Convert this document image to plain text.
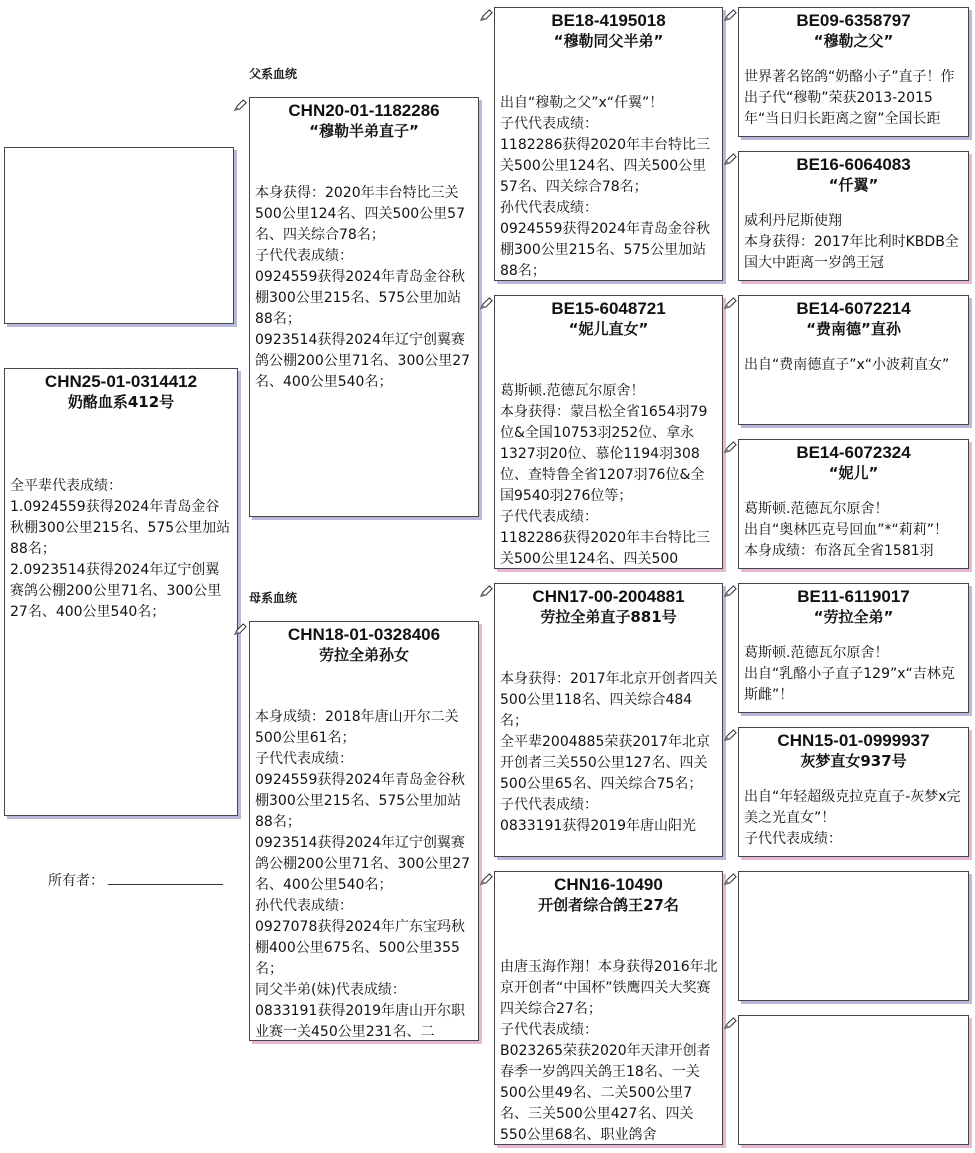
父系血统
母系血统
CHN25-01-0314412
奶酪血系412号
全平辈代表成绩：
1.0924559获得2024年青岛金谷秋棚300公里215名、575公里加站88名；
2.0923514获得2024年辽宁创翼赛鸽公棚200公里71名、300公里27名、400公里540名；
所有者：
CHN20-01-1182286
“穆勒半弟直子”
本身获得：2020年丰台特比三关500公里124名、四关500公里57名、四关综合78名；
子代代表成绩：
0924559获得2024年青岛金谷秋棚300公里215名、575公里加站88名；
0923514获得2024年辽宁创翼赛鸽公棚200公里71名、300公里27名、400公里540名；
CHN18-01-0328406
劳拉全弟孙女
本身成绩：2018年唐山开尔二关500公里61名；
子代代表成绩：
0924559获得2024年青岛金谷秋棚300公里215名、575公里加站88名；
0923514获得2024年辽宁创翼赛鸽公棚200公里71名、300公里27名、400公里540名；
孙代代表成绩：
0927078获得2024年广东宝玛秋棚400公里675名、500公里355名；
同父半弟(妹)代表成绩：
0833191获得2019年唐山开尔职业赛一关450公里231名、二
BE18-4195018
“穆勒同父半弟”
出自“穆勒之父”x“仟翼”！
子代代表成绩：
1182286获得2020年丰台特比三关500公里124名、四关500公里57名、四关综合78名；
孙代代表成绩：
0924559获得2024年青岛金谷秋棚300公里215名、575公里加站88名；
BE15-6048721
“妮儿直女”
葛斯顿.范德瓦尔原舍！
本身获得：蒙吕松全省1654羽79位&全国10753羽252位、拿永1327羽20位、慕伦1194羽308位、查特鲁全省1207羽76位&全国9540羽276位等；
子代代表成绩：
1182286获得2020年丰台特比三关500公里124名、四关500
CHN17-00-2004881
劳拉全弟直子881号
本身获得：2017年北京开创者四关500公里118名、四关综合484名；
全平辈2004885荣获2017年北京开创者三关550公里127名、四关500公里65名、四关综合75名；
子代代表成绩：
0833191获得2019年唐山阳光
CHN16-10490
开创者综合鸽王27名
由唐玉海作翔！本身获得2016年北京开创者“中国杯”铁鹰四关大奖赛四关综合27名；
子代代表成绩：
B023265荣获2020年天津开创者春季一岁鸽四关鸽王18名、一关500公里49名、二关500公里7名、三关500公里427名、四关550公里68名、职业鸽舍
BE09-6358797
“穆勒之父”
世界著名铭鸽“奶酪小子”直子！作出子代“穆勒”荣获2013-2015年“当日归长距离之窗”全国长距
BE16-6064083
“仟翼”
威利丹尼斯使翔
本身获得：2017年比利时KBDB全国大中距离一岁鸽王冠
BE14-6072214
“费南德”直孙
出自“费南德直子”x“小波莉直女”
BE14-6072324
“妮儿”
葛斯顿.范德瓦尔原舍！
出自“奥林匹克号回血”*“莉莉”！
本身成绩：布洛瓦全省1581羽
BE11-6119017
“劳拉全弟”
葛斯顿.范德瓦尔原舍！
出自“乳酪小子直子129”x“吉林克斯雌”！
CHN15-01-0999937
灰梦直女937号
出自“年轻超级克拉克直子-灰梦x完美之光直女”！
子代代表成绩：
